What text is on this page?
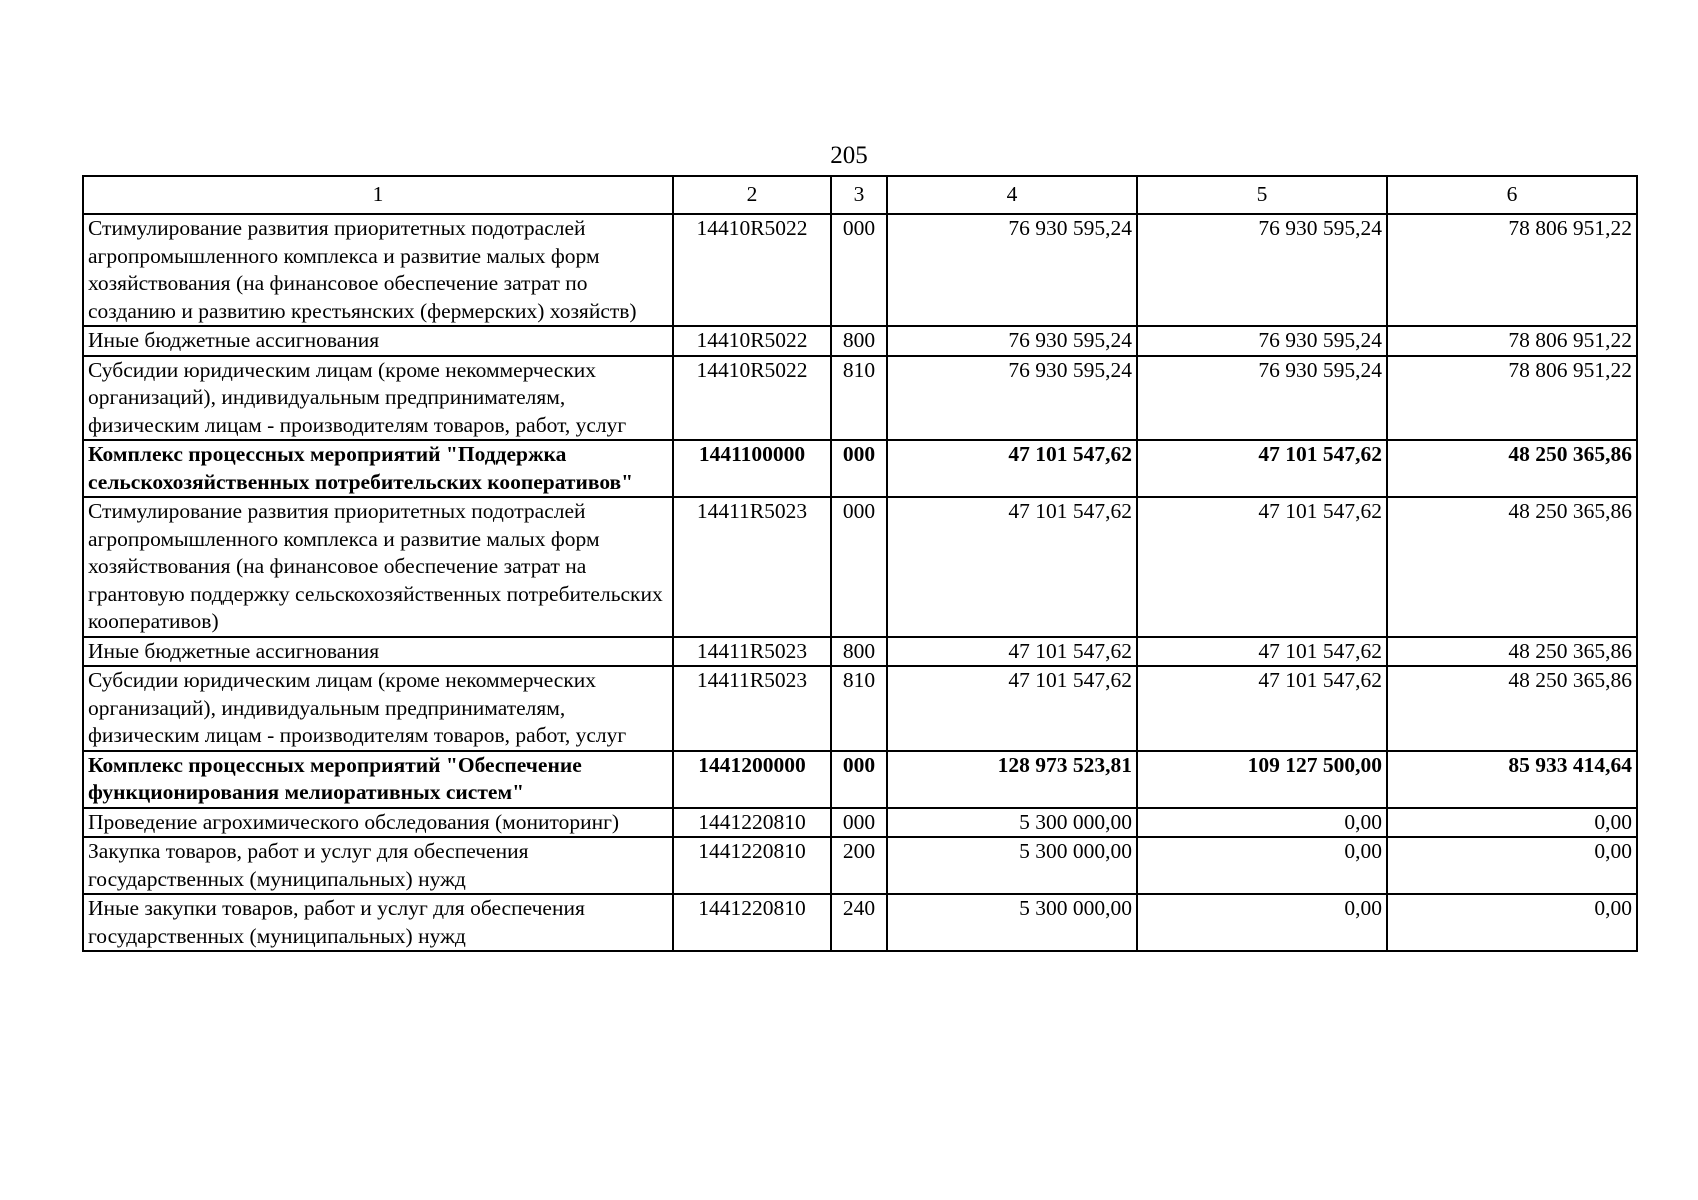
205
1	2	3	4	5	6
Стимулирование развития приоритетных подотраслей агропромышленного комплекса и развитие малых форм хозяйствования (на финансовое обеспечение затрат по созданию и развитию крестьянских (фермерских) хозяйств)	14410R5022	000	76 930 595,24	76 930 595,24	78 806 951,22
Иные бюджетные ассигнования	14410R5022	800	76 930 595,24	76 930 595,24	78 806 951,22
Субсидии юридическим лицам (кроме некоммерческих организаций), индивидуальным предпринимателям, физическим лицам - производителям товаров, работ, услуг	14410R5022	810	76 930 595,24	76 930 595,24	78 806 951,22
Комплекс процессных мероприятий "Поддержка сельскохозяйственных потребительских кооперативов"	1441100000	000	47 101 547,62	47 101 547,62	48 250 365,86
Стимулирование развития приоритетных подотраслей агропромышленного комплекса и развитие малых форм хозяйствования (на финансовое обеспечение затрат на грантовую поддержку сельскохозяйственных потребительских кооперативов)	14411R5023	000	47 101 547,62	47 101 547,62	48 250 365,86
Иные бюджетные ассигнования	14411R5023	800	47 101 547,62	47 101 547,62	48 250 365,86
Субсидии юридическим лицам (кроме некоммерческих организаций), индивидуальным предпринимателям, физическим лицам - производителям товаров, работ, услуг	14411R5023	810	47 101 547,62	47 101 547,62	48 250 365,86
Комплекс процессных мероприятий "Обеспечение функционирования мелиоративных систем"	1441200000	000	128 973 523,81	109 127 500,00	85 933 414,64
Проведение агрохимического обследования (мониторинг)	1441220810	000	5 300 000,00	0,00	0,00
Закупка товаров, работ и услуг для обеспечения государственных (муниципальных) нужд	1441220810	200	5 300 000,00	0,00	0,00
Иные закупки товаров, работ и услуг для обеспечения государственных (муниципальных) нужд	1441220810	240	5 300 000,00	0,00	0,00
